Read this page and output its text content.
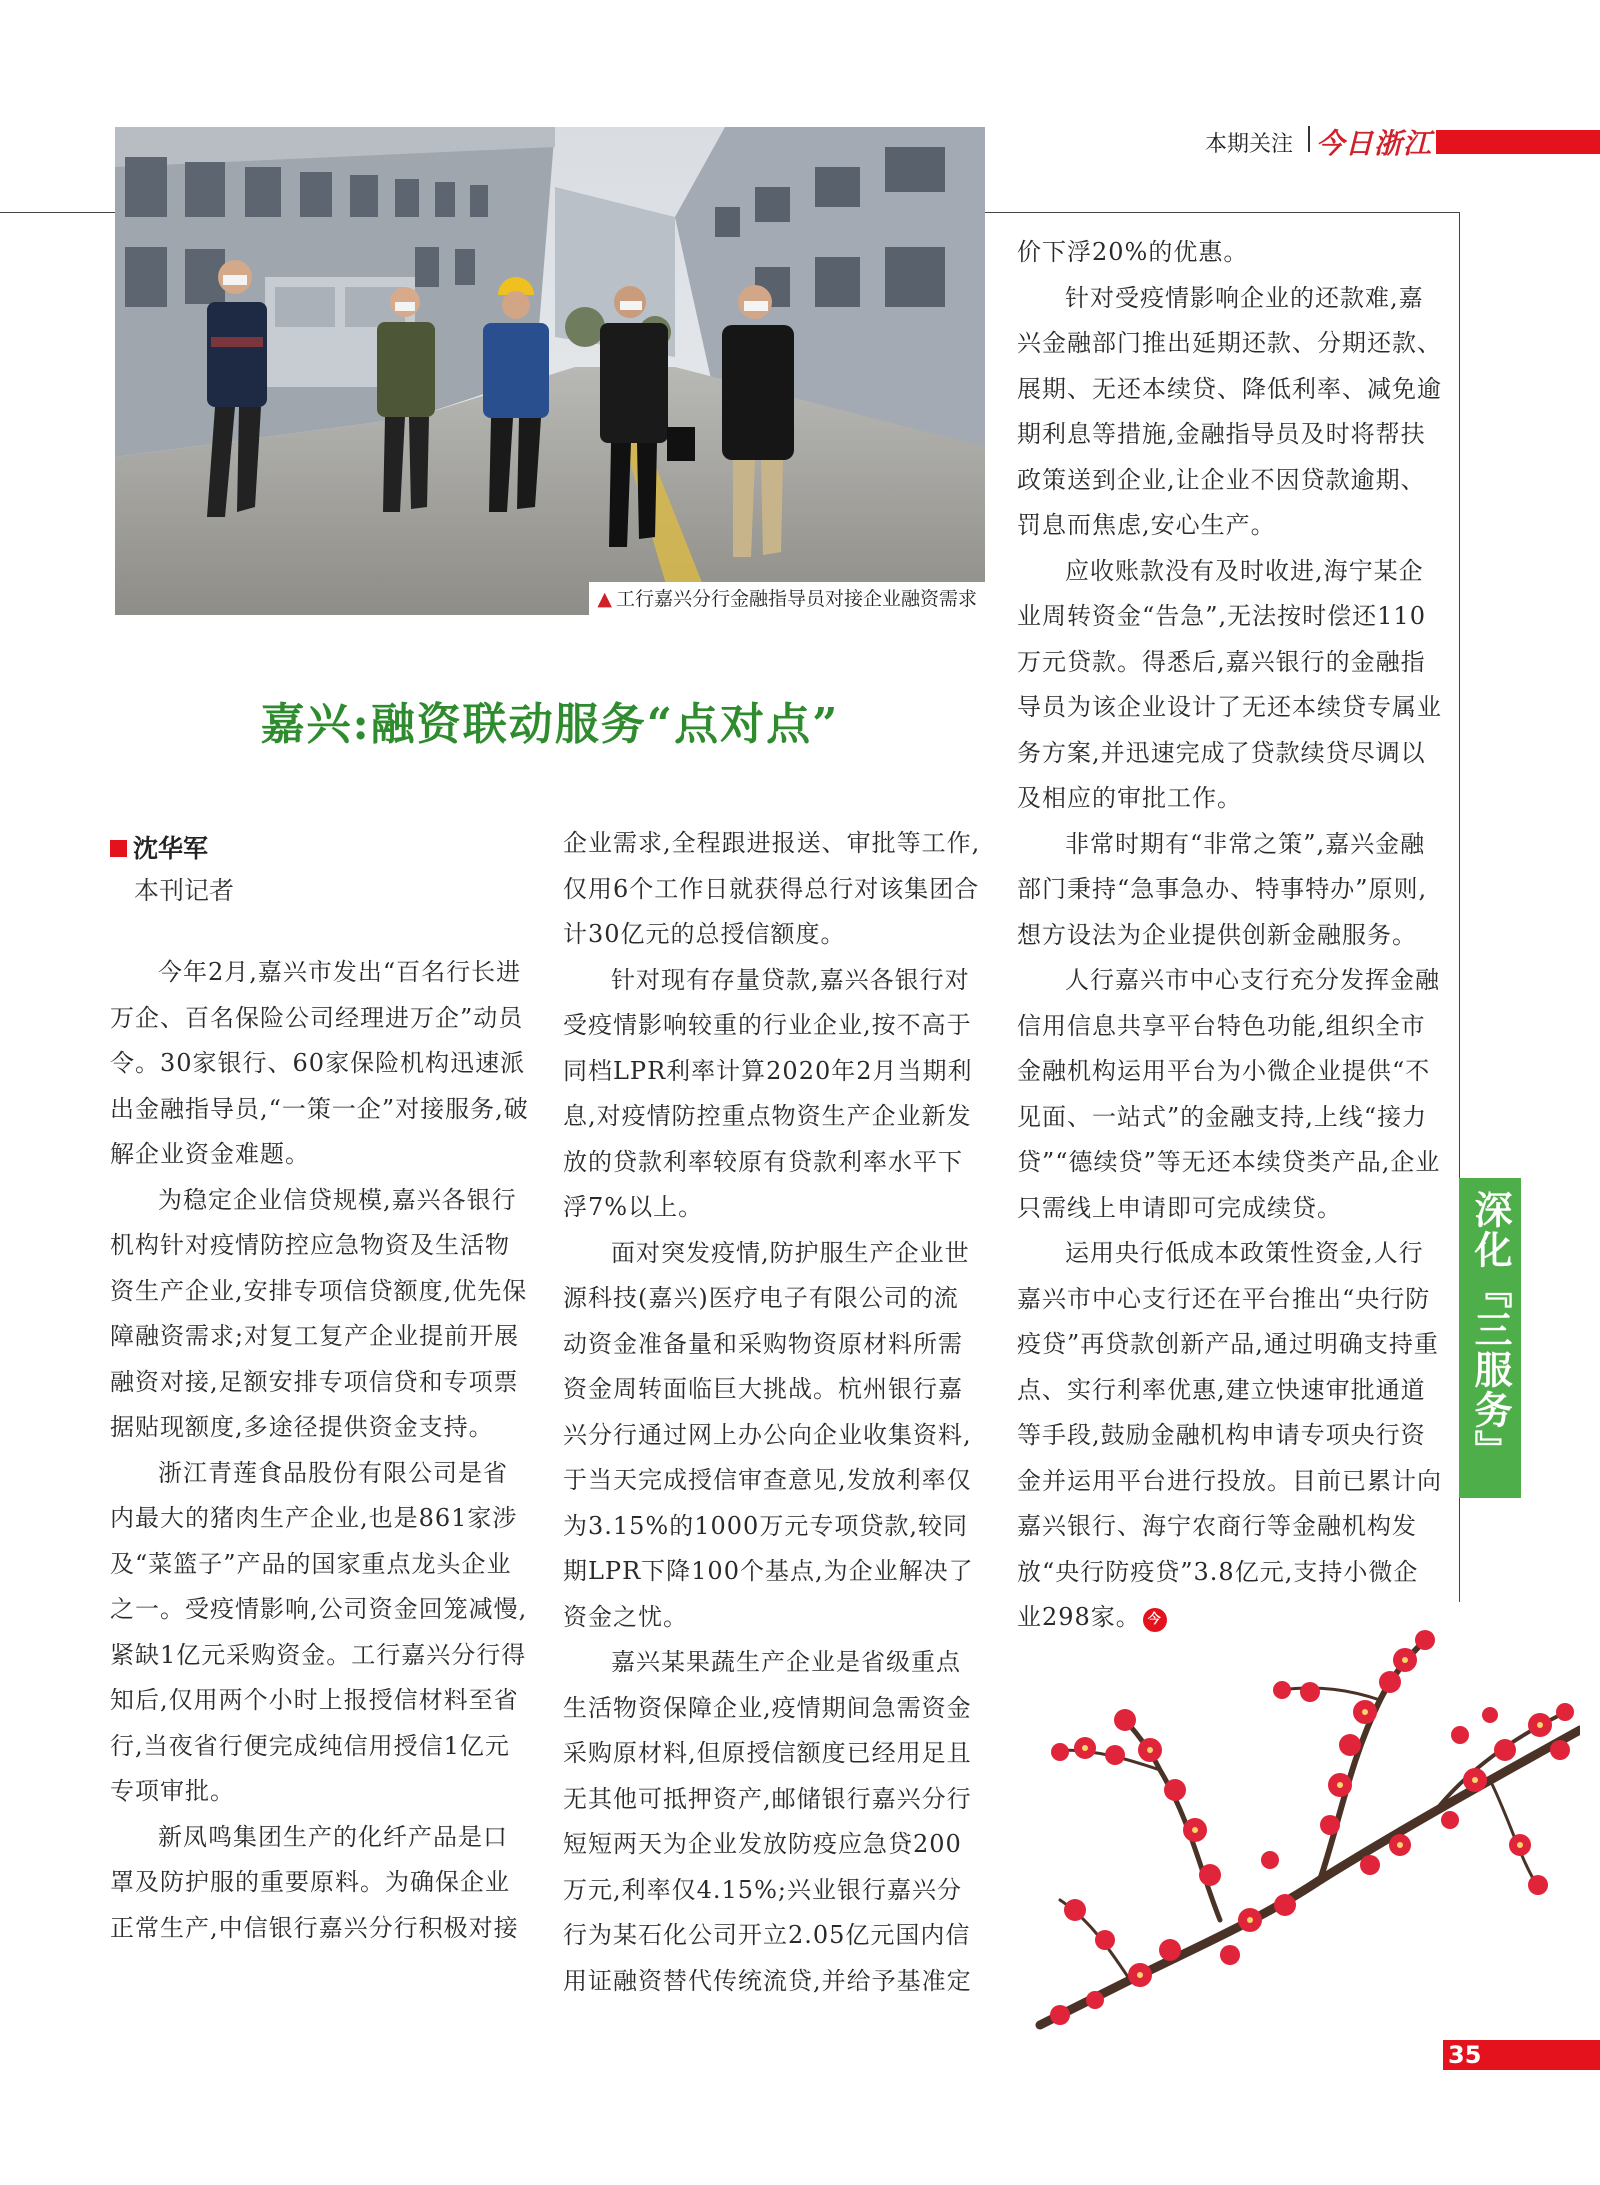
本期关注 今日浙江
▲ 工行嘉兴分行金融指导员对接企业融资需求
嘉兴:融资联动服务“点对点”
沈华军
本刊记者

今年2月,嘉兴市发出“百名行长进万企、百名保险公司经理进万企”动员令。30家银行、60家保险机构迅速派出金融指导员,“一策一企”对接服务,破解企业资金难题。

为稳定企业信贷规模,嘉兴各银行机构针对疫情防控应急物资及生活物资生产企业,安排专项信贷额度,优先保障融资需求;对复工复产企业提前开展融资对接,足额安排专项信贷和专项票据贴现额度,多途径提供资金支持。

浙江青莲食品股份有限公司是省内最大的猪肉生产企业,也是861家涉及“菜篮子”产品的国家重点龙头企业之一。受疫情影响,公司资金回笼减慢,紧缺1亿元采购资金。工行嘉兴分行得知后,仅用两个小时上报授信材料至省行,当夜省行便完成纯信用授信1亿元专项审批。

新凤鸣集团生产的化纤产品是口罩及防护服的重要原料。为确保企业正常生产,中信银行嘉兴分行积极对接

企业需求,全程跟进报送、审批等工作,仅用6个工作日就获得总行对该集团合计30亿元的总授信额度。

针对现有存量贷款,嘉兴各银行对受疫情影响较重的行业企业,按不高于同档LPR利率计算2020年2月当期利息,对疫情防控重点物资生产企业新发放的贷款利率较原有贷款利率水平下浮7%以上。

面对突发疫情,防护服生产企业世源科技(嘉兴)医疗电子有限公司的流动资金准备量和采购物资原材料所需资金周转面临巨大挑战。杭州银行嘉兴分行通过网上办公向企业收集资料,于当天完成授信审查意见,发放利率仅为3.15%的1000万元专项贷款,较同期LPR下降100个基点,为企业解决了资金之忧。

嘉兴某果蔬生产企业是省级重点生活物资保障企业,疫情期间急需资金采购原材料,但原授信额度已经用足且无其他可抵押资产,邮储银行嘉兴分行短短两天为企业发放防疫应急贷200万元,利率仅4.15%;兴业银行嘉兴分行为某石化公司开立2.05亿元国内信用证融资替代传统流贷,并给予基准定

价下浮20%的优惠。

针对受疫情影响企业的还款难,嘉兴金融部门推出延期还款、分期还款、展期、无还本续贷、降低利率、减免逾期利息等措施,金融指导员及时将帮扶政策送到企业,让企业不因贷款逾期、罚息而焦虑,安心生产。

应收账款没有及时收进,海宁某企业周转资金“告急”,无法按时偿还110万元贷款。得悉后,嘉兴银行的金融指导员为该企业设计了无还本续贷专属业务方案,并迅速完成了贷款续贷尽调以及相应的审批工作。

非常时期有“非常之策”,嘉兴金融部门秉持“急事急办、特事特办”原则,想方设法为企业提供创新金融服务。

人行嘉兴市中心支行充分发挥金融信用信息共享平台特色功能,组织全市金融机构运用平台为小微企业提供“不见面、一站式”的金融支持,上线“接力贷”“德续贷”等无还本续贷类产品,企业只需线上申请即可完成续贷。

运用央行低成本政策性资金,人行嘉兴市中心支行还在平台推出“央行防疫贷”再贷款创新产品,通过明确支持重点、实行利率优惠,建立快速审批通道等手段,鼓励金融机构申请专项央行资金并运用平台进行投放。目前已累计向嘉兴银行、海宁农商行等金融机构发放“央行防疫贷”3.8亿元,支持小微企业298家。 今

深化『三服务』
35
